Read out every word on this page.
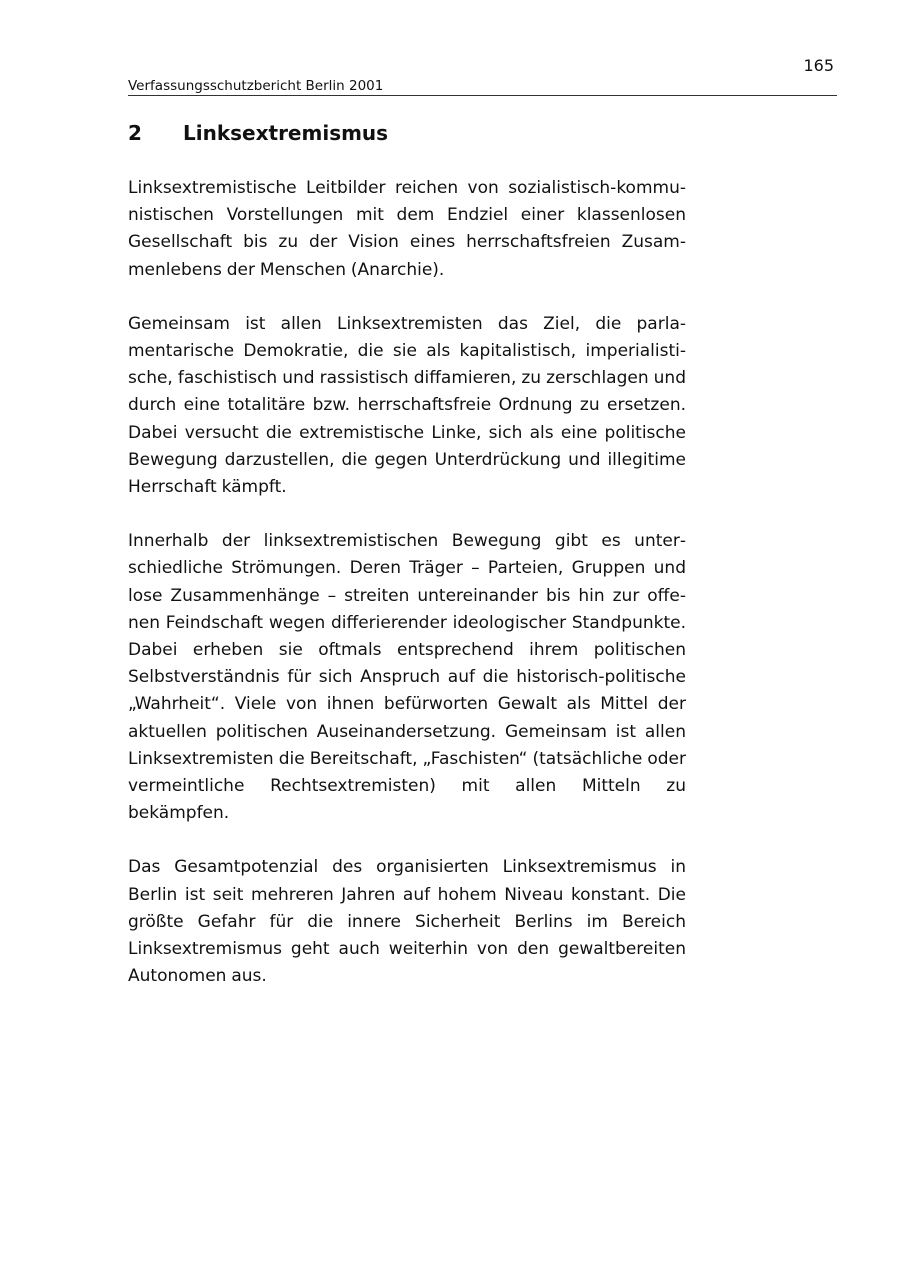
165
Verfassungsschutzbericht Berlin 2001
2 Linksextremismus

Linksextremistische Leitbilder reichen von sozialistisch-kommunistischen Vorstellungen mit dem Endziel einer klassenlosen Gesellschaft bis zu der Vision eines herrschaftsfreien Zusammenlebens der Menschen (Anarchie).

Gemeinsam ist allen Linksextremisten das Ziel, die parlamentarische Demokratie, die sie als kapitalistisch, imperialistische, faschistisch und rassistisch diffamieren, zu zerschlagen und durch eine totalitäre bzw. herrschaftsfreie Ordnung zu ersetzen. Dabei versucht die extremistische Linke, sich als eine politische Bewegung darzustellen, die gegen Unterdrückung und illegitime Herrschaft kämpft.

Innerhalb der linksextremistischen Bewegung gibt es unterschiedliche Strömungen. Deren Träger – Parteien, Gruppen und lose Zusammenhänge – streiten untereinander bis hin zur offenen Feindschaft wegen differierender ideologischer Standpunkte. Dabei erheben sie oftmals entsprechend ihrem politischen Selbstverständnis für sich Anspruch auf die historisch-politische „Wahrheit“. Viele von ihnen befürworten Gewalt als Mittel der aktuellen politischen Auseinandersetzung. Gemeinsam ist allen Linksextremisten die Bereitschaft, „Faschisten“ (tatsächliche oder vermeintliche Rechtsextremisten) mit allen Mitteln zu bekämpfen.

Das Gesamtpotenzial des organisierten Linksextremismus in Berlin ist seit mehreren Jahren auf hohem Niveau konstant. Die größte Gefahr für die innere Sicherheit Berlins im Bereich Linksextremismus geht auch weiterhin von den gewaltbereiten Autonomen aus.
